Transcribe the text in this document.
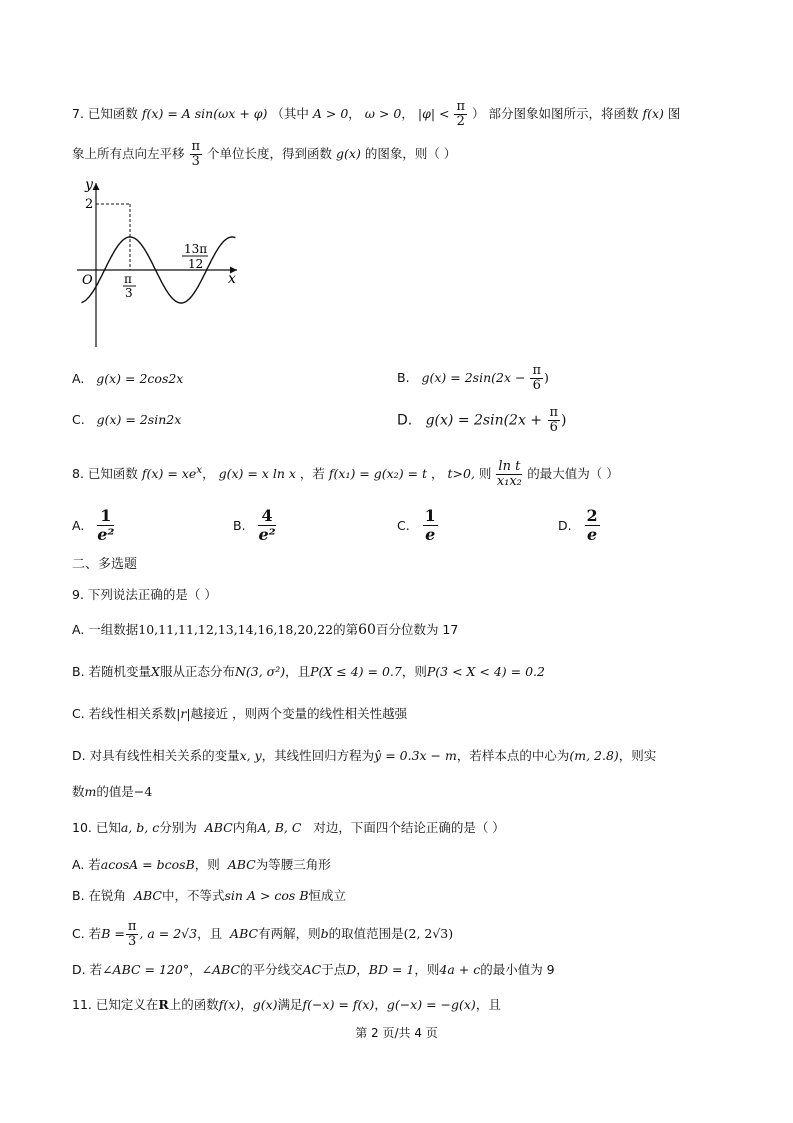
7. 已知函数 f(x) = A sin(ωx + φ) （其中 A > 0， ω > 0， $|\varphi| < \frac{\pi}{2}$ ） 部分图象如图所示，将函数 f(x) 图
象上所有点向左平移 $\frac{\pi}{3}$ 个单位长度，得到函数 g(x) 的图象，则（ ）
y
x
O
2
π
3
13π
12
A. g(x) = 2cos2x	B. $g(x) = 2\sin(2x - \frac{\pi}{6}$ )
C. g(x) = 2sin2x	D. $g(x) = 2\sin(2x + \frac{\pi}{6}$ )
8. 已知函数 $f(x) = xe^x$， g(x) = x ln x ，若 f(x₁) = g(x₂) = t ， t>0, 则 $\frac{\text{ln t}}{\text{x₁x₂}}$ 的最大值为（ ）
A. $\frac{1}{\text{e²}}$	B. $\frac{4}{\text{e²}}$	C. $\frac{1}{e}$	D. $\frac{2}{e}$
二、多选题
9. 下列说法正确的是（ ）
A. 一组数据10,11,11,12,13,14,16,18,20,22的第60百分位数为 17
B. 若随机变量X服从正态分布N(3, σ²)，且P(X ≤ 4) = 0.7，则P(3 < X < 4) = 0.2
C. 若线性相关系数|r|越接近 ，则两个变量的线性相关性越强
D. 对具有线性相关关系的变量x, y，其线性回归方程为ŷ = 0.3x − m，若样本点的中心为(m, 2.8)，则实
数m的值是−4
10. 已知a, b, c分别为 ABC内角A, B, C 对边，下面四个结论正确的是（ ）
A. 若acosA = bcosB，则 ABC为等腰三角形
B. 在锐角 ABC中，不等式sin A > cos B恒成立
C. 若$B = \frac{\pi}{3}$ , a = 2√3，且 ABC有两解，则b的取值范围是(2, 2√3)
D. 若∠ABC = 120°，∠ABC的平分线交AC于点D，BD = 1，则4a + c的最小值为 9
11. 已知定义在R上的函数f(x)，g(x)满足f(−x) = f(x)，g(−x) = −g(x)，且
第 2 页/共 4 页
